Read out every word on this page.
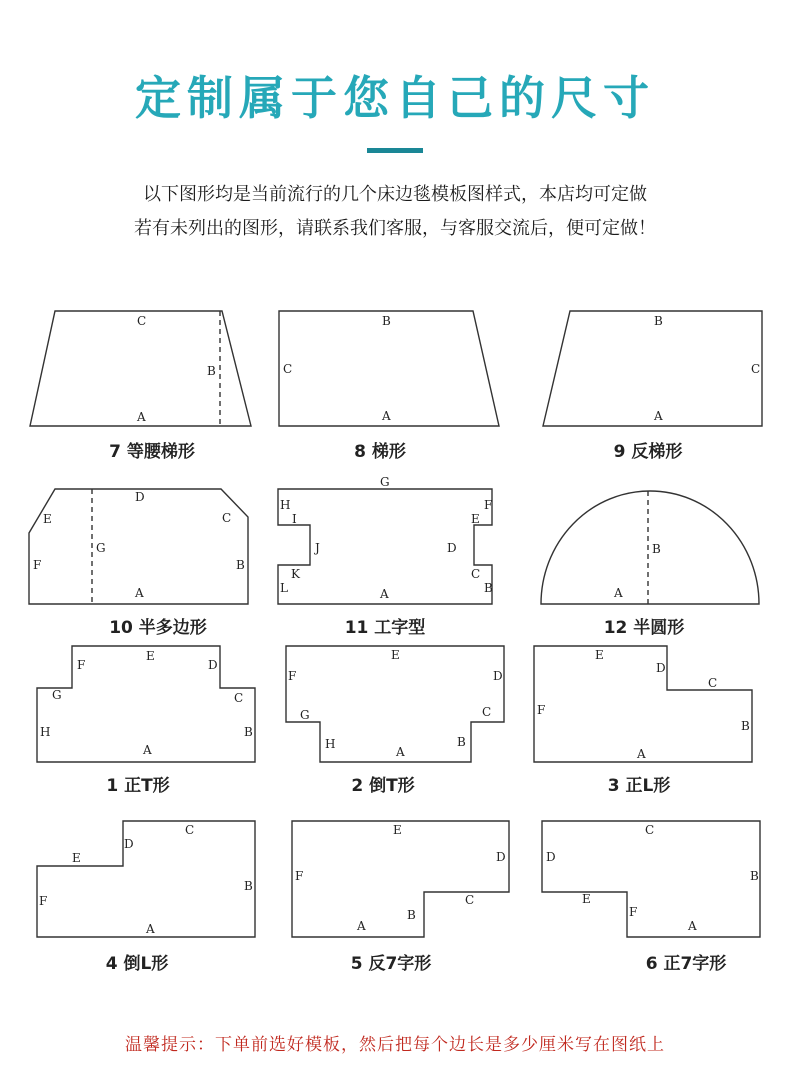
定制属于您自己的尺寸
以下图形均是当前流行的几个床边毯模板图样式，本店均可定做
若有未列出的图形，请联系我们客服，与客服交流后，便可定做！
C
B
A
B
C
A
B
C
A
D
E	C
G
F	B
A
G
H	F
I	E
J	D
K	C
L	B
A
B
A
F
E
D
G	C
H	B
A
E
F	D
G	C
H
A
B
E
D
C
F
B
A
C
D
E
B
F
A
E
D
F
C
B
A
C
D
B
E
F
A
7 等腰梯形	8 梯形	9 反梯形
10 半多边形	11 工字型	12 半圆形
1 正T形	2 倒T形	3 正L形
4 倒L形	5 反7字形	6 正7字形
温馨提示：下单前选好模板，然后把每个边长是多少厘米写在图纸上
